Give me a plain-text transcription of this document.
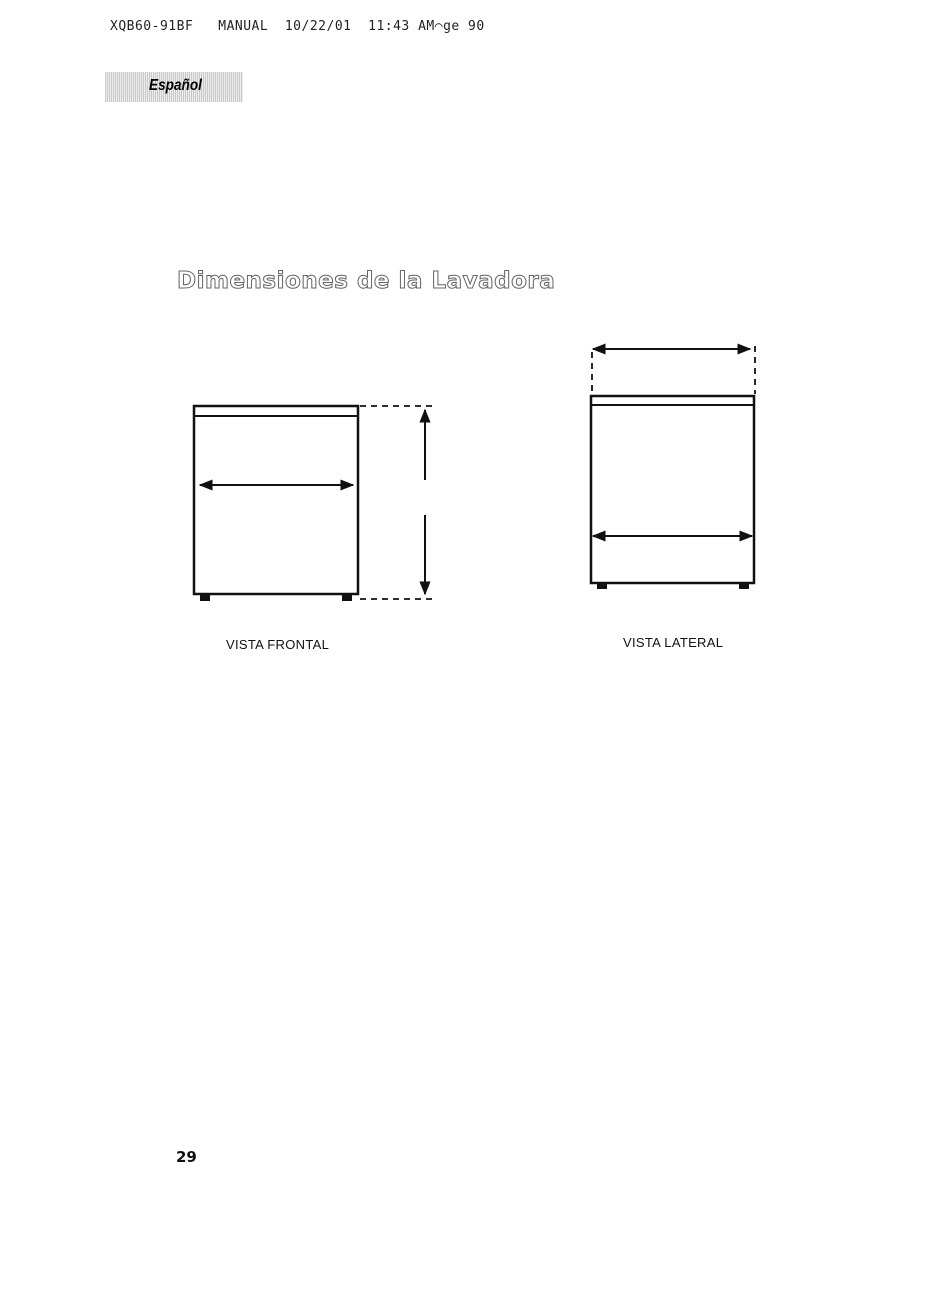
XQB60-91BF   MANUAL  10/22/01  11:43 AM⌒ge 90
Español
Dimensiones de la Lavadora
VISTA FRONTAL	VISTA LATERAL
29
